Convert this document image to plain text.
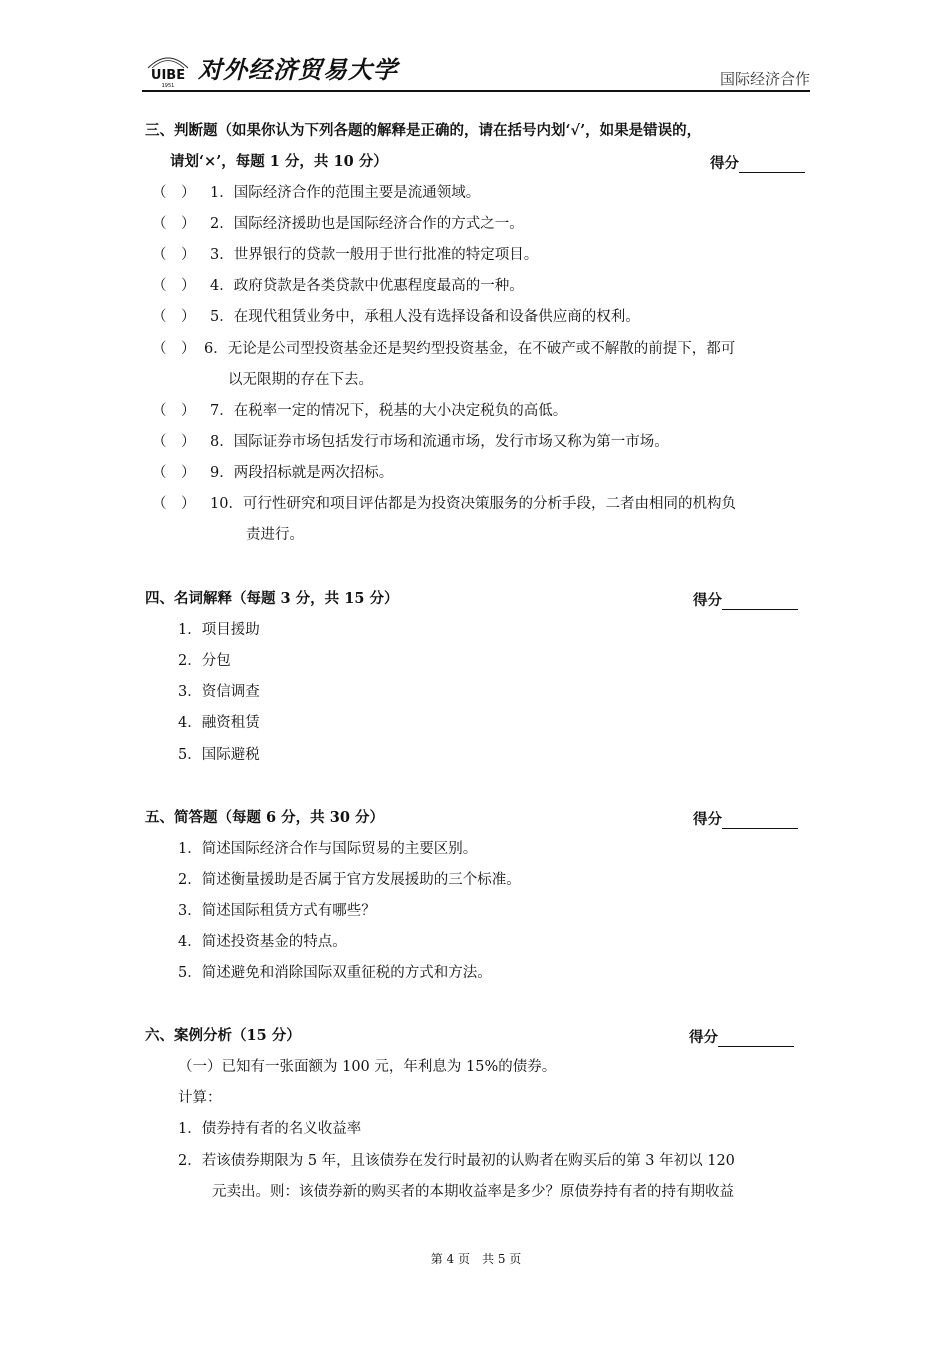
UIBE
1951
对外经济贸易大学	国际经济合作
三、判断题（如果你认为下列各题的解释是正确的，请在括号内划‘√’，如果是错误的，
请划‘×’，每题 1 分，共 10 分）	得分
（　） 1．国际经济合作的范围主要是流通领域。
（　） 2．国际经济援助也是国际经济合作的方式之一。
（　） 3．世界银行的贷款一般用于世行批准的特定项目。
（　） 4．政府贷款是各类贷款中优惠程度最高的一种。
（　） 5．在现代租赁业务中，承租人没有选择设备和设备供应商的权利。
（　） 6．无论是公司型投资基金还是契约型投资基金，在不破产或不解散的前提下，都可
以无限期的存在下去。
（　） 7．在税率一定的情况下，税基的大小决定税负的高低。
（　） 8．国际证券市场包括发行市场和流通市场，发行市场又称为第一市场。
（　） 9．两段招标就是两次招标。
（　） 10．可行性研究和项目评估都是为投资决策服务的分析手段，二者由相同的机构负
责进行。
四、名词解释（每题 3 分，共 15 分）	得分
1．项目援助
2．分包
3．资信调查
4．融资租赁
5．国际避税
五、简答题（每题 6 分，共 30 分）	得分
1．简述国际经济合作与国际贸易的主要区别。
2．简述衡量援助是否属于官方发展援助的三个标准。
3．简述国际租赁方式有哪些？
4．简述投资基金的特点。
5．简述避免和消除国际双重征税的方式和方法。
六、案例分析（15 分）	得分
（一）已知有一张面额为 100 元，年利息为 15%的债券。
计算：
1．债券持有者的名义收益率
2．若该债券期限为 5 年，且该债券在发行时最初的认购者在购买后的第 3 年初以 120
元卖出。则：该债券新的购买者的本期收益率是多少？原债券持有者的持有期收益
第 4 页　共 5 页
